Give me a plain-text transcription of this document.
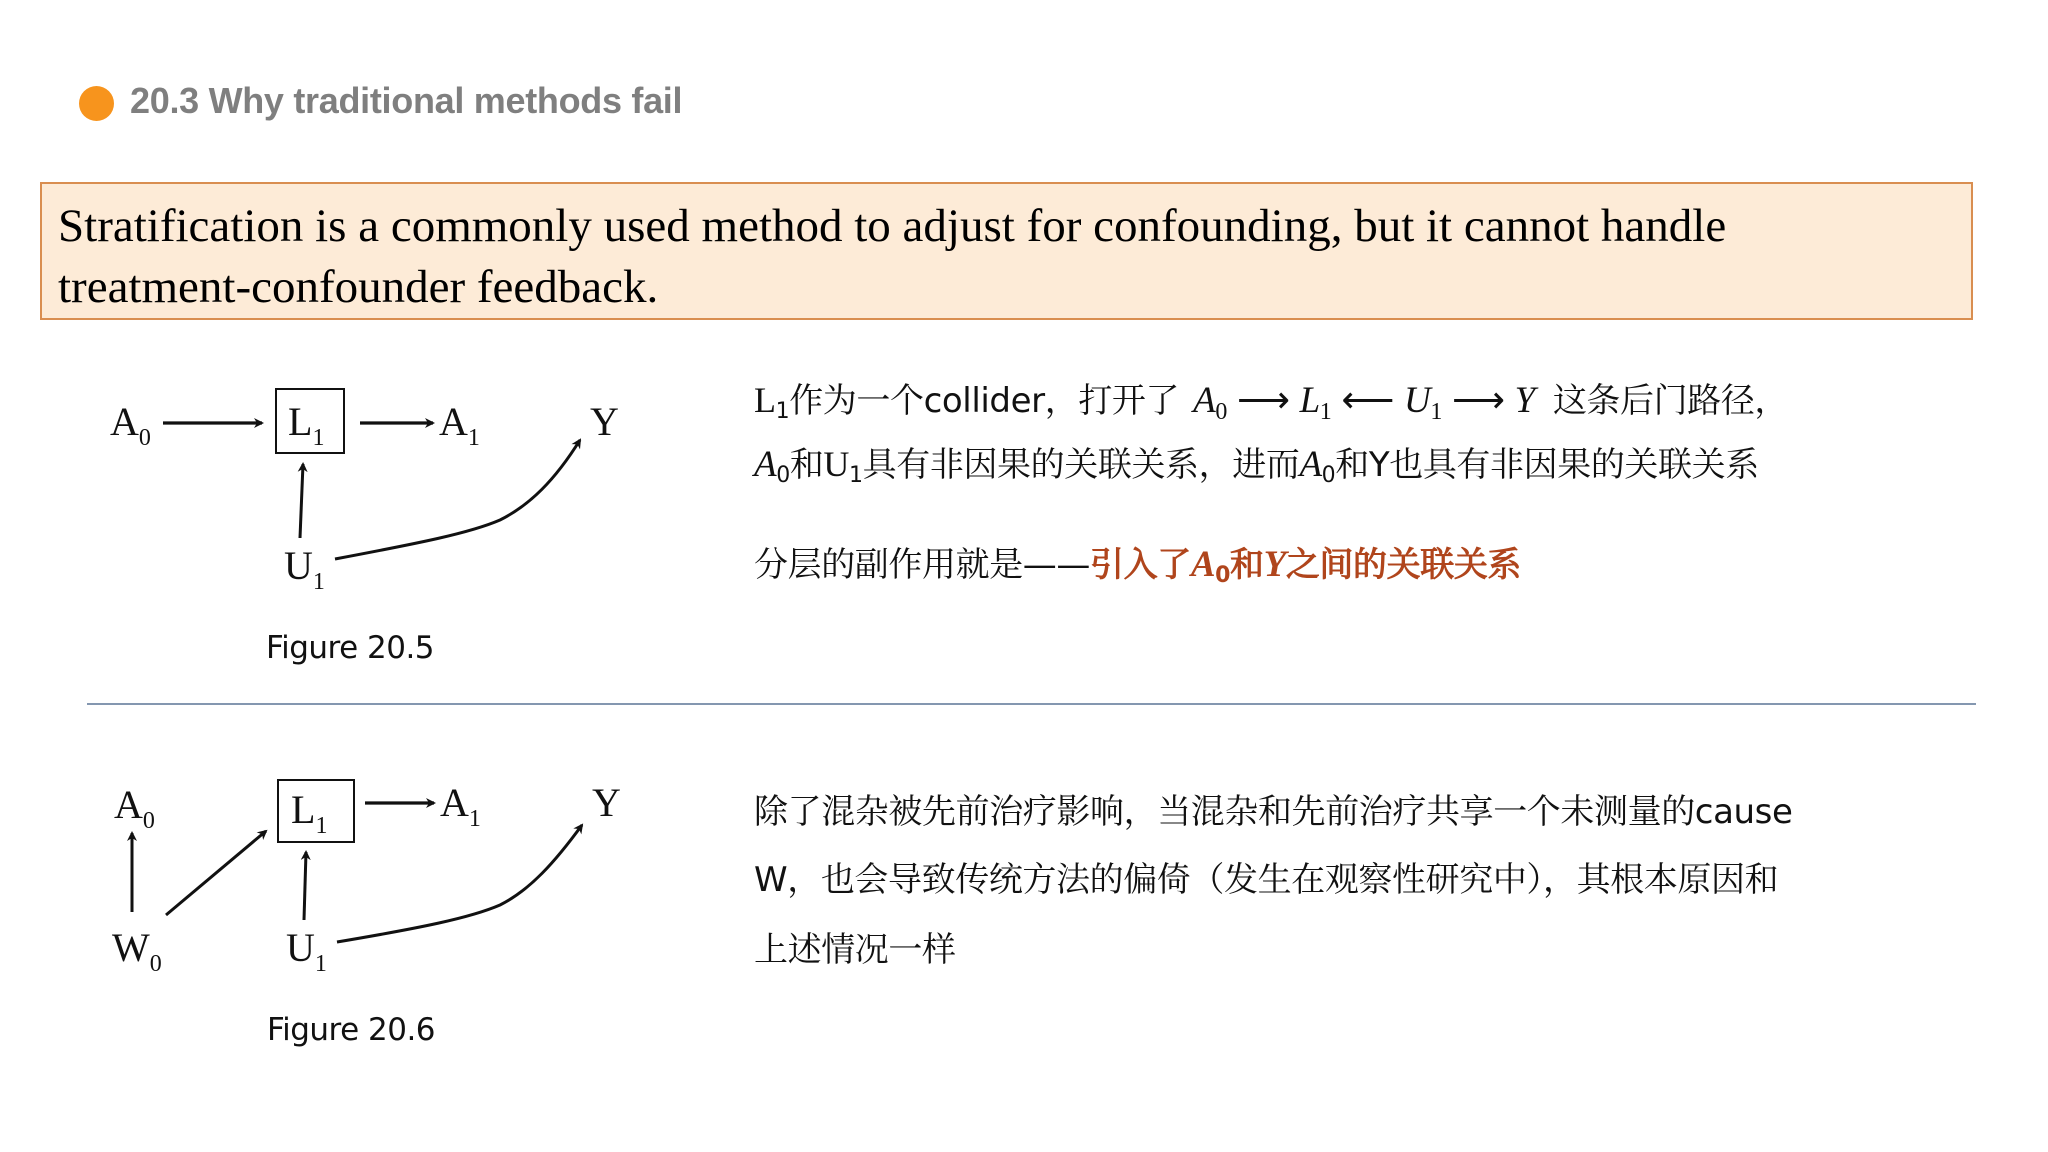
20.3 Why traditional methods fail
Stratification is a commonly used method to adjust for confounding, but it cannot handle
treatment-confounder feedback.
$A_0$	$L_1$	$A_1$	Y
$U_1$
Figure 20.5
$L_1$作为一个collider，打开了 $A_0$ ⟶ $L_1$ ⟵ $U_1$ ⟶ Y 这条后门路径，
$A_0$和$U_1$具有非因果的关联关系，进而$A_0$和Y也具有非因果的关联关系
分层的副作用就是——引入了$A_0$和Y之间的关联关系
$A_0$	$L_1$
$A_1$	Y
$W_0$	$U_1$
Figure 20.6
除了混杂被先前治疗影响，当混杂和先前治疗共享一个未测量的cause
W，也会导致传统方法的偏倚（发生在观察性研究中），其根本原因和
上述情况一样
